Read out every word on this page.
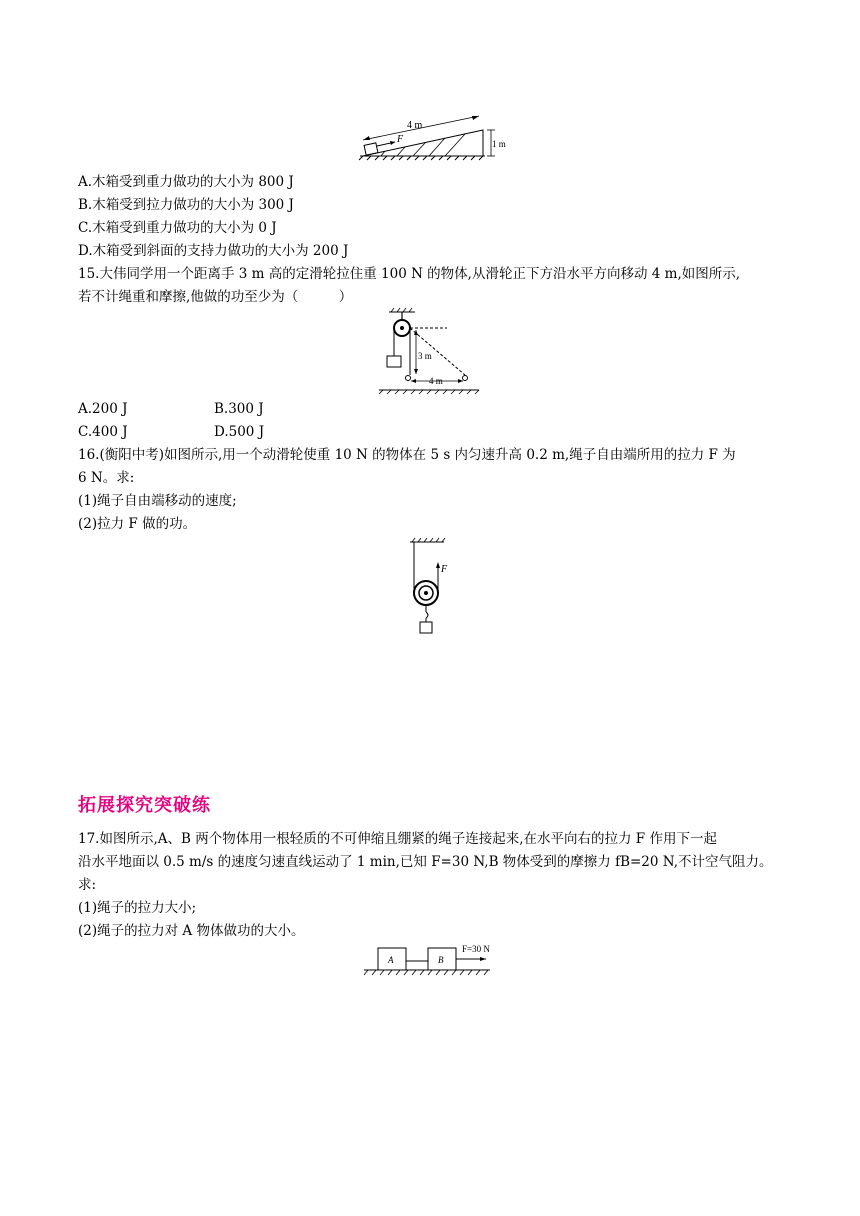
F
4 m
1 m
A.木箱受到重力做功的大小为 800 J
B.木箱受到拉力做功的大小为 300 J
C.木箱受到重力做功的大小为 0 J
D.木箱受到斜面的支持力做功的大小为 200 J
15.大伟同学用一个距离手 3 m 高的定滑轮拉住重 100 N 的物体,从滑轮正下方沿水平方向移动 4 m,如图所示,
若不计绳重和摩擦,他做的功至少为（　　　）
3 m
4 m
A.200 J	B.300 J
C.400 J	D.500 J
16.(衡阳中考)如图所示,用一个动滑轮使重 10 N 的物体在 5 s 内匀速升高 0.2 m,绳子自由端所用的拉力 F 为
6 N。求:
(1)绳子自由端移动的速度;
(2)拉力 F 做的功。
F
拓展探究突破练
17.如图所示,A、B 两个物体用一根轻质的不可伸缩且绷紧的绳子连接起来,在水平向右的拉力 F 作用下一起
沿水平地面以 0.5 m/s 的速度匀速直线运动了 1 min,已知 F=30 N,B 物体受到的摩擦力 fB=20 N,不计空气阻力。
求:
(1)绳子的拉力大小;
(2)绳子的拉力对 A 物体做功的大小。
A	B
F=30 N
